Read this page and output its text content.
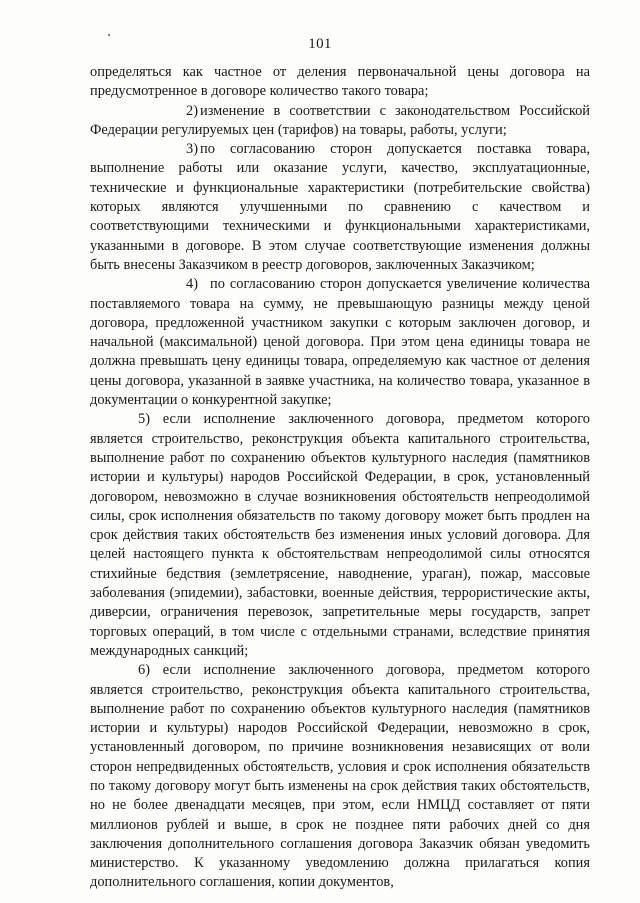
101

определяться как частное от деления первоначальной цены договора на предусмотренное в договоре количество такого товара;

2) изменение в соответствии с законодательством Российской Федерации регулируемых цен (тарифов) на товары, работы, услуги;

3) по согласованию сторон допускается поставка товара, выполнение работы или оказание услуги, качество, эксплуатационные, технические и функциональные характеристики (потребительские свойства) которых являются улучшенными по сравнению с качеством и соответствующими техническими и функциональными характеристиками, указанными в договоре. В этом случае соответствующие изменения должны быть внесены Заказчиком в реестр договоров, заключенных Заказчиком;

4) по согласованию сторон допускается увеличение количества поставляемого товара на сумму, не превышающую разницы между ценой договора, предложенной участником закупки с которым заключен договор, и начальной (максимальной) ценой договора. При этом цена единицы товара не должна превышать цену единицы товара, определяемую как частное от деления цены договора, указанной в заявке участника, на количество товара, указанное в документации о конкурентной закупке;

5) если исполнение заключенного договора, предметом которого является строительство, реконструкция объекта капитального строительства, выполнение работ по сохранению объектов культурного наследия (памятников истории и культуры) народов Российской Федерации, в срок, установленный договором, невозможно в случае возникновения обстоятельств непреодолимой силы, срок исполнения обязательств по такому договору может быть продлен на срок действия таких обстоятельств без изменения иных условий договора. Для целей настоящего пункта к обстоятельствам непреодолимой силы относятся стихийные бедствия (землетрясение, наводнение, ураган), пожар, массовые заболевания (эпидемии), забастовки, военные действия, террористические акты, диверсии, ограничения перевозок, запретительные меры государств, запрет торговых операций, в том числе с отдельными странами, вследствие принятия международных санкций;

6) если исполнение заключенного договора, предметом которого является строительство, реконструкция объекта капитального строительства, выполнение работ по сохранению объектов культурного наследия (памятников истории и культуры) народов Российской Федерации, невозможно в срок, установленный договором, по причине возникновения независящих от воли сторон непредвиденных обстоятельств, условия и срок исполнения обязательств по такому договору могут быть изменены на срок действия таких обстоятельств, но не более двенадцати месяцев, при этом, если НМЦД составляет от пяти миллионов рублей и выше, в срок не позднее пяти рабочих дней со дня заключения дополнительного соглашения договора Заказчик обязан уведомить министерство. К указанному уведомлению должна прилагаться копия дополнительного соглашения, копии документов,
